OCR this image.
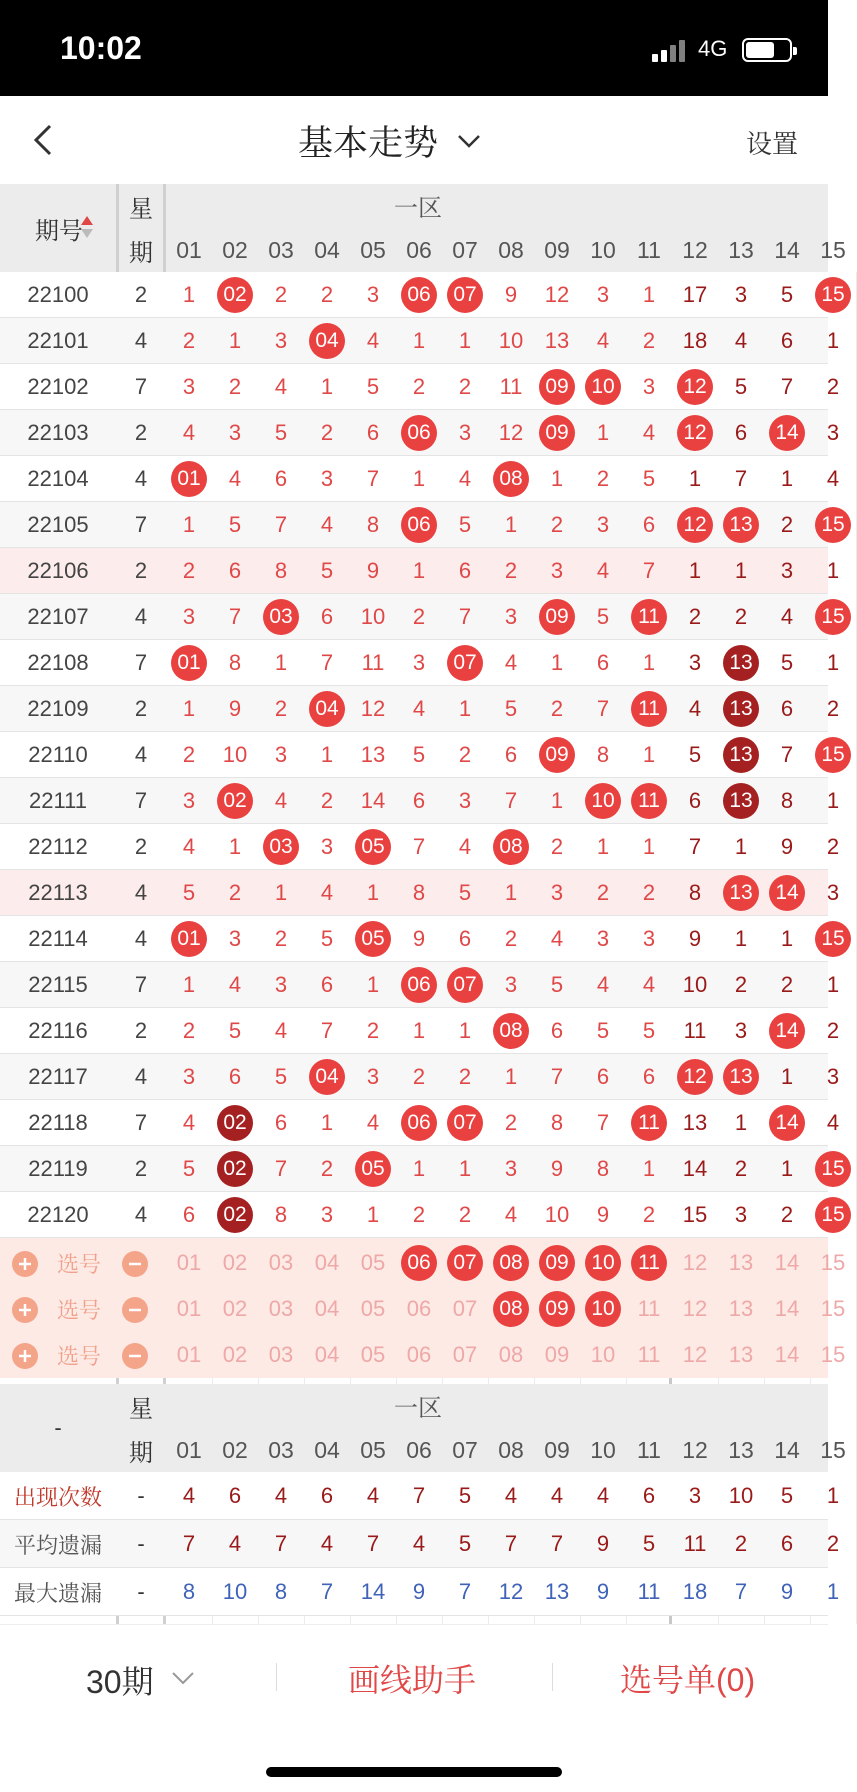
10:02	4G
基本走势	设置
期号
星
期
一区
01 02 03 04 05 06 07 08 09 10 11 12 13 14 15
22100	2	1	02	2	2	3	06	07	9	12	3	1	17	3	5	15
22101	4	2	1	3	04	4	1	1	10 13	4	2	18	4	6	1
22102	7	3	2	4	1	5	2	2	11	09	10	3	12	5	7	2
22103	2	4	3	5	2	6	06	3	12	09	1	4	12	6	14	3
22104	4	01	4	6	3	7	1	4	08	1	2	5	1	7	1	4
22105	7	1	5	7	4	8	06	5	1	2	3	6	12	13	2	15
22106	2	2	6	8	5	9	1	6	2	3	4	7	1	1	3	1
22107	4	3	7	03	6	10	2	7	3	09	5	11	2	2	4	15
22108	7	01	8	1	7	11	3	07	4	1	6	1	3	13	5	1
22109	2	1	9	2	04	12	4	1	5	2	7	11	4	13	6	2
22110	4	2	10	3	1	13	5	2	6	09	8	1	5	13	7	15
22111	7	3	02	4	2	14	6	3	7	1	10	11	6	13	8	1
22112	2	4	1	03	3	05	7	4	08	2	1	1	7	1	9	2
22113	4	5	2	1	4	1	8	5	1	3	2	2	8	13	14	3
22114	4	01	3	2	5	05	9	6	2	4	3	3	9	1	1	15
22115	7	1	4	3	6	1	06	07	3	5	4	4	10	2	2	1
22116	2	2	5	4	7	2	1	1	08	6	5	5	11	3	14	2
22117	4	3	6	5	04	3	2	2	1	7	6	6	12	13	1	3
22118	7	4	02	6	1	4	06	07	2	8	7	11	13	1	14	4
22119	2	5	02	7	2	05	1	1	3	9	8	1	14	2	1	15
22120	4	6	02	8	3	1	2	2	4	10	9	2	15	3	2	15
选号	01 02 03 04 05	06	07	08	09	10	11	12 13 14 15
选号	01 02 03 04 05 06 07	08	09	10	11	12 13 14 15
选号	01 02 03 04 05 06 07 08 09 10	11	12 13 14 15
-
星
期
一区
01 02 03 04 05 06 07 08 09 10 11 12 13 14 15
出现次数	-	4	6	4	6	4	7	5	4	4	4	6	3	10	5	1
平均遗漏	-	7	4	7	4	7	4	5	7	7	9	5	11	2	6	2
最大遗漏	-	8	10	8	7	14	9	7	12 13	9	11	18	7	9	1
30期	画线助手	选号单(0)
